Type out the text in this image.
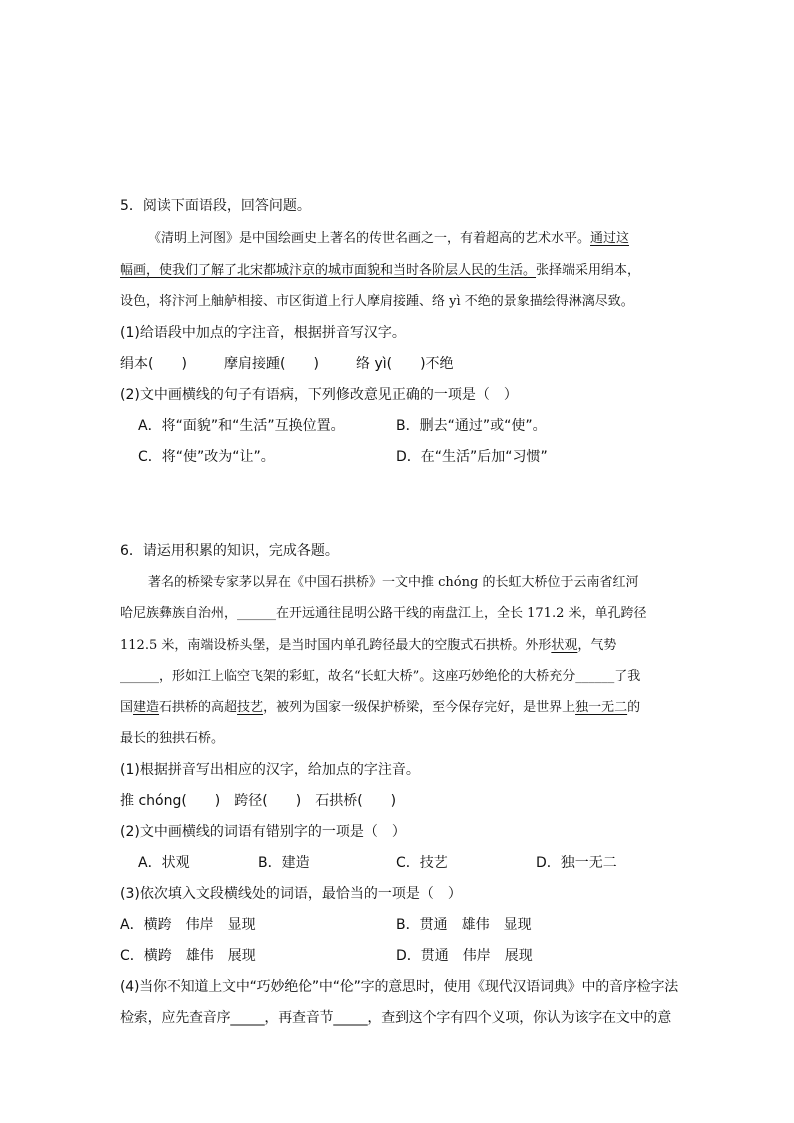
5．阅读下面语段，回答问题。
《清明上河图》是中国绘画史上著名的传世名画之一，有着超高的艺术水平。通过这
幅画，使我们了解了北宋都城汴京的城市面貌和当时各阶层人民的生活。张择端采用绢本，
设色，将汴河上舳舻相接、市区街道上行人摩肩接踵、络 yì 不绝的景象描绘得淋漓尽致。
(1)给语段中加点的字注音，根据拼音写汉字。
绢本(　　)	摩肩接踵(　　)	络 yì(　　)不绝
(2)文中画横线的句子有语病，下列修改意见正确的一项是（　）
A．将“面貌”和“生活”互换位置。	B．删去“通过”或“使”。
C．将“使”改为“让”。	D．在“生活”后加“习惯”
6．请运用积累的知识，完成各题。
著名的桥梁专家茅以昇在《中国石拱桥》一文中推 chóng 的长虹大桥位于云南省红河
哈尼族彝族自治州，______在开远通往昆明公路干线的南盘江上，全长 171.2 米，单孔跨径
112.5 米，南端设桥头堡，是当时国内单孔跨径最大的空腹式石拱桥。外形状观，气势
______，形如江上临空飞架的彩虹，故名“长虹大桥”。这座巧妙绝伦的大桥充分______了我
国建造石拱桥的高超技艺，被列为国家一级保护桥梁，至今保存完好，是世界上独一无二的
最长的独拱石桥。
(1)根据拼音写出相应的汉字，给加点的字注音。
推 chóng(　　)　跨径(　　)　石拱桥(　　)
(2)文中画横线的词语有错别字的一项是（　）
A．状观	B．建造	C．技艺	D．独一无二
(3)依次填入文段横线处的词语，最恰当的一项是（　）
A．横跨　伟岸　显现	B．贯通　雄伟　显现
C．横跨　雄伟　展现	D．贯通　伟岸　展现
(4)当你不知道上文中“巧妙绝伦”中“伦”字的意思时，使用《现代汉语词典》中的音序检字法
检索，应先查音序_____，再查音节_____，查到这个字有四个义项，你认为该字在文中的意
